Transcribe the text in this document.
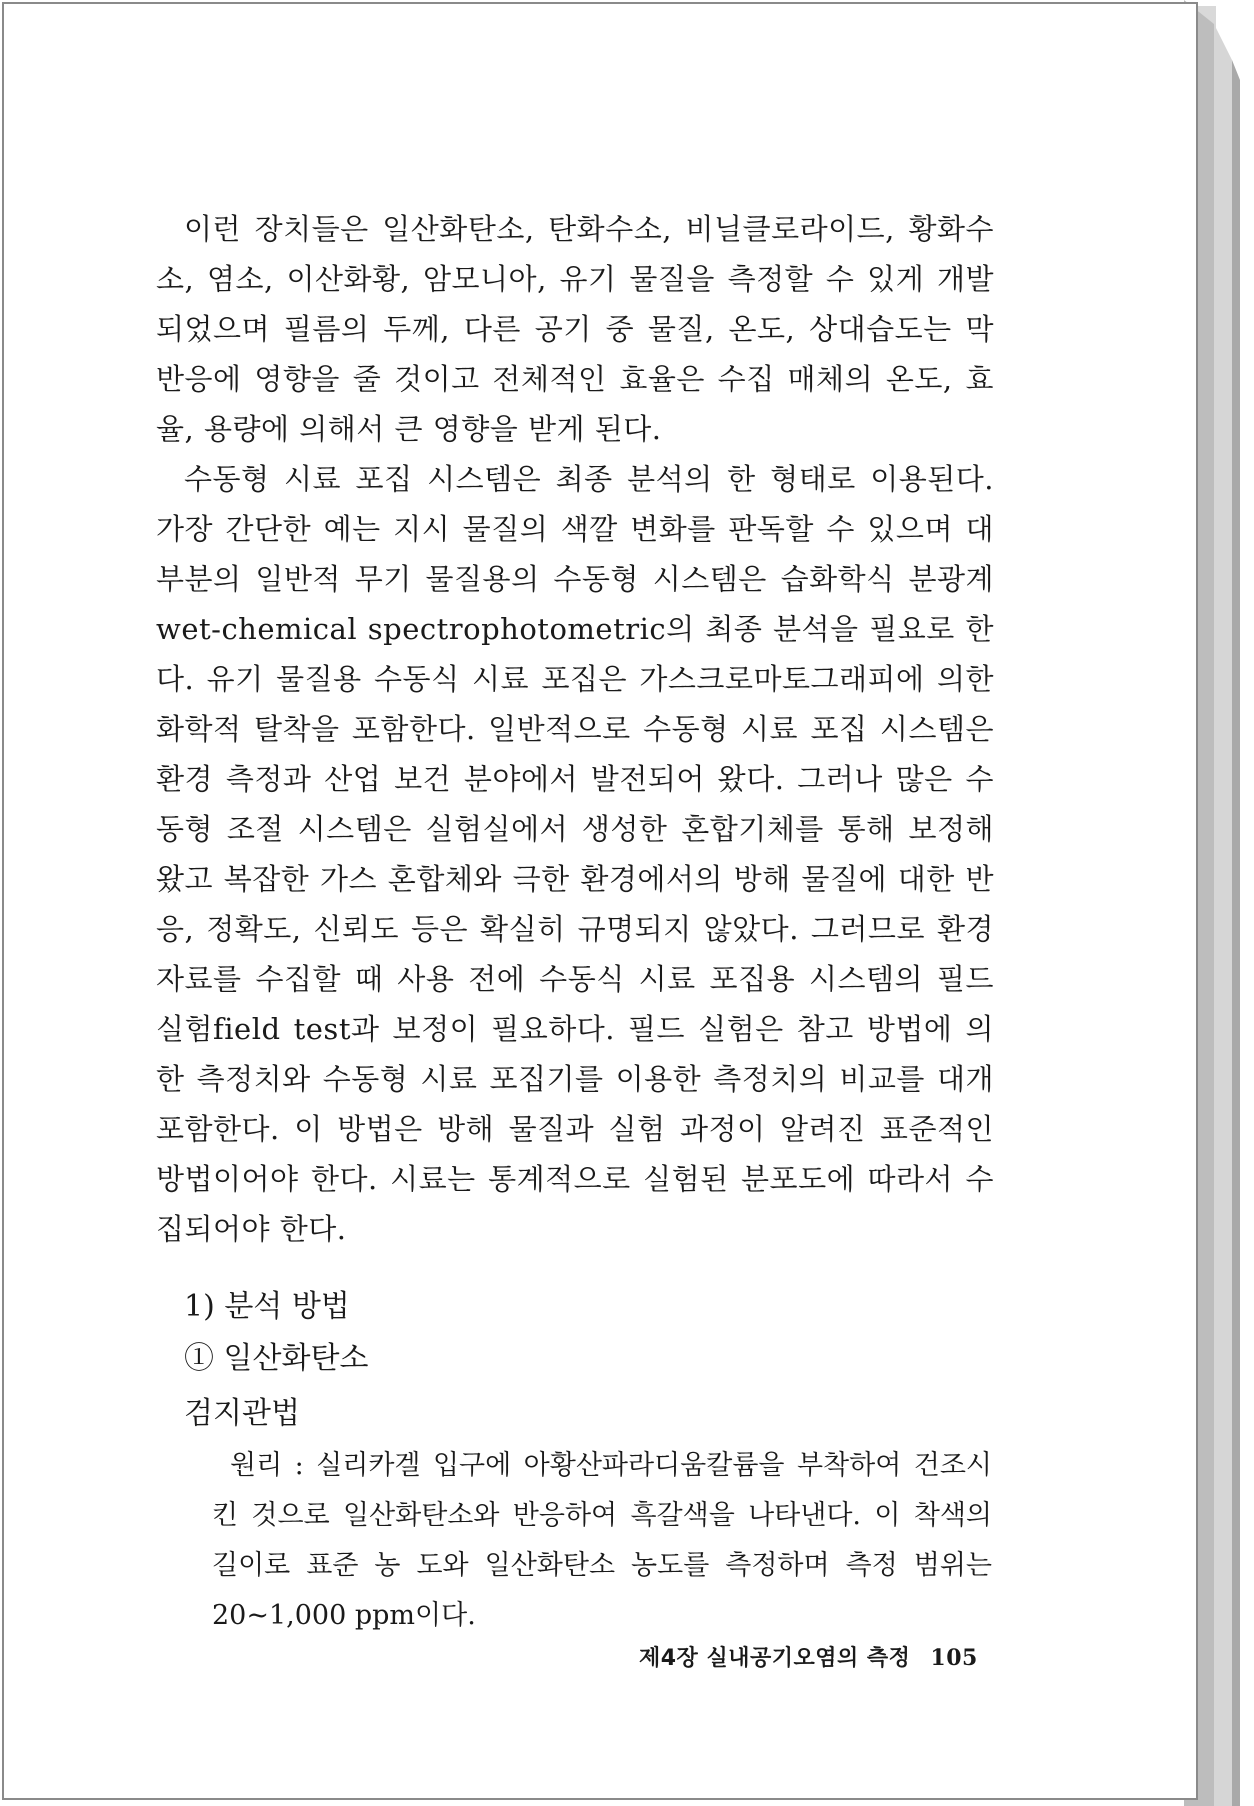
이런 장치들은 일산화탄소, 탄화수소, 비닐클로라이드, 황화수소, 염소, 이산화황, 암모니아, 유기 물질을 측정할 수 있게 개발되었으며 필름의 두께, 다른 공기 중 물질, 온도, 상대습도는 막 반응에 영향을 줄 것이고 전체적인 효율은 수집 매체의 온도, 효율, 용량에 의해서 큰 영향을 받게 된다.

수동형 시료 포집 시스템은 최종 분석의 한 형태로 이용된다. 가장 간단한 예는 지시 물질의 색깔 변화를 판독할 수 있으며 대부분의 일반적 무기 물질용의 수동형 시스템은 습화학식 분광계 wet-chemical spectrophotometric의 최종 분석을 필요로 한다. 유기 물질용 수동식 시료 포집은 가스크로마토그래피에 의한 화학적 탈착을 포함한다. 일반적으로 수동형 시료 포집 시스템은 환경 측정과 산업 보건 분야에서 발전되어 왔다. 그러나 많은 수동형 조절 시스템은 실험실에서 생성한 혼합기체를 통해 보정해 왔고 복잡한 가스 혼합체와 극한 환경에서의 방해 물질에 대한 반응, 정확도, 신뢰도 등은 확실히 규명되지 않았다. 그러므로 환경 자료를 수집할 때 사용 전에 수동식 시료 포집용 시스템의 필드 실험field test과 보정이 필요하다. 필드 실험은 참고 방법에 의한 측정치와 수동형 시료 포집기를 이용한 측정치의 비교를 대개 포함한다. 이 방법은 방해 물질과 실험 과정이 알려진 표준적인 방법이어야 한다. 시료는 통계적으로 실험된 분포도에 따라서 수집되어야 한다.

1) 분석 방법
① 일산화탄소
검지관법

원리 : 실리카겔 입구에 아황산파라디움칼륨을 부착하여 건조시킨 것으로 일산화탄소와 반응하여 흑갈색을 나타낸다. 이 착색의 길이로 표준 농 도와 일산화탄소 농도를 측정하며 측정 범위는 20~1,000 ppm이다.

제4장 실내공기오염의 측정 105
